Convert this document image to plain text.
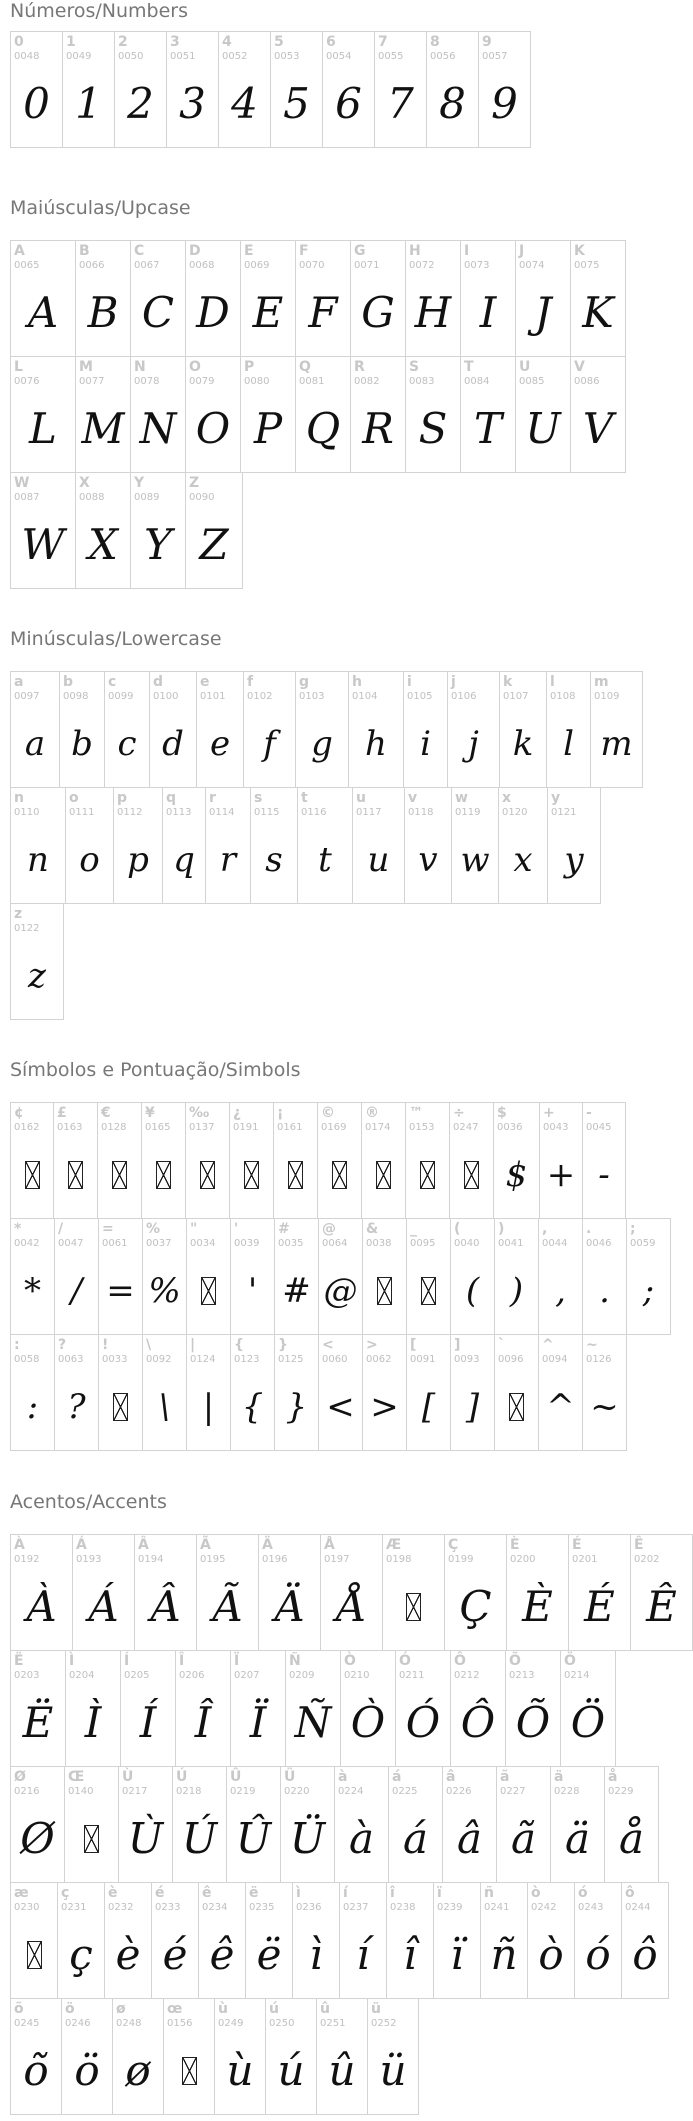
Números/Numbers
0
0048
0
1
0049
1
2
0050
2
3
0051
3
4
0052
4
5
0053
5
6
0054
6
7
0055
7
8
0056
8
9
0057
9
Maiúsculas/Upcase
A
0065
A
B
0066
B
C
0067
C
D
0068
D
E
0069
E
F
0070
F
G
0071
G
H
0072
H
I
0073
I
J
0074
J
K
0075
K
L
0076
L
M
0077
M
N
0078
N
O
0079
O
P
0080
P
Q
0081
Q
R
0082
R
S
0083
S
T
0084
T
U
0085
U
V
0086
V
W
0087
W
X
0088
X
Y
0089
Y
Z
0090
Z
Minúsculas/Lowercase
a
0097
a
b
0098
b
c
0099
c
d
0100
d
e
0101
e
f
0102
f
g
0103
g
h
0104
h
i
0105
i
j
0106
j
k
0107
k
l
0108
l
m
0109
m
n
0110
n
o
0111
o
p
0112
p
q
0113
q
r
0114
r
s
0115
s
t
0116
t
u
0117
u
v
0118
v
w
0119
w
x
0120
x
y
0121
y
z
0122
z
Símbolos e Pontuação/Simbols
¢
0162
£
0163
€
0128
¥
0165
‰
0137
¿
0191
¡
0161
©
0169
®
0174
™
0153
÷
0247
$
0036
$
+
0043
+
-
0045
-
*
0042
*
/
0047
/
=
0061
=
%
0037
%
"
0034
'
0039
'
#
0035
#
@
0064
@
&
0038
_
0095
(
0040
(
)
0041
)
,
0044
,
.
0046
.
;
0059
;
:
0058
:
?
0063
?
!
0033
\
0092
\
|
0124
|
{
0123
{
}
0125
}
<
0060
<
>
0062
>
[
0091
[
]
0093
]
`
0096
^
0094
^
~
0126
~
Acentos/Accents
À
0192
À
Á
0193
Á
Â
0194
Â
Ã
0195
Ã
Ä
0196
Ä
Å
0197
Å
Æ
0198
Ç
0199
Ç
È
0200
È
É
0201
É
Ê
0202
Ê
Ë
0203
Ë
Ì
0204
Ì
Í
0205
Í
Î
0206
Î
Ï
0207
Ï
Ñ
0209
Ñ
Ò
0210
Ò
Ó
0211
Ó
Ô
0212
Ô
Õ
0213
Õ
Ö
0214
Ö
Ø
0216
Ø
Œ
0140
Ù
0217
Ù
Ú
0218
Ú
Û
0219
Û
Ü
0220
Ü
à
0224
à
á
0225
á
â
0226
â
ã
0227
ã
ä
0228
ä
å
0229
å
æ
0230
ç
0231
ç
è
0232
è
é
0233
é
ê
0234
ê
ë
0235
ë
ì
0236
ì
í
0237
í
î
0238
î
ï
0239
ï
ñ
0241
ñ
ò
0242
ò
ó
0243
ó
ô
0244
ô
õ
0245
õ
ö
0246
ö
ø
0248
ø
œ
0156
ù
0249
ù
ú
0250
ú
û
0251
û
ü
0252
ü
